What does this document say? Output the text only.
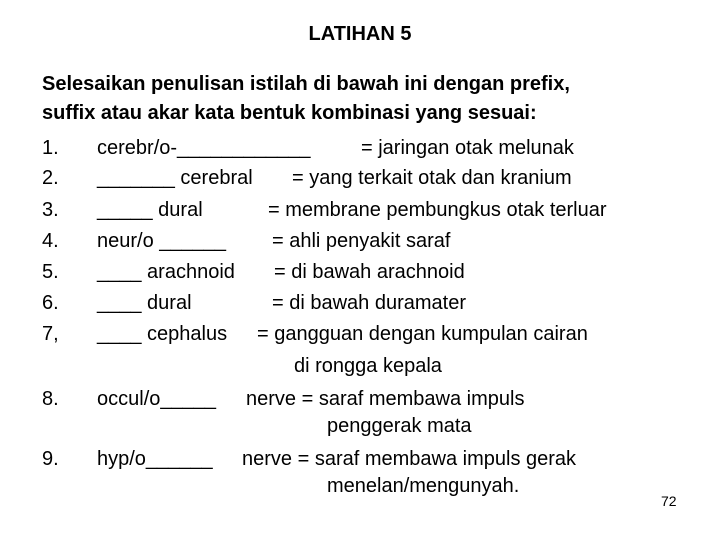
LATIHAN 5
Selesaikan penulisan istilah di bawah ini dengan prefix,
suffix atau akar kata bentuk kombinasi yang sesuai:
1.	cerebr/o-____________	= jaringan otak melunak
2.	_______ cerebral = yang terkait otak dan kranium
3.	_____ dural	= membrane pembungkus otak terluar
4.	neur/o ______ = ahli penyakit saraf
5.	____ arachnoid = di bawah arachnoid
6.	____ dural	= di bawah duramater
7,	____ cephalus = gangguan dengan kumpulan cairan
di rongga kepala
8.	occul/o_____ nerve = saraf membawa impuls
penggerak mata
9.	hyp/o______ nerve = saraf membawa impuls gerak
menelan/mengunyah.
72
